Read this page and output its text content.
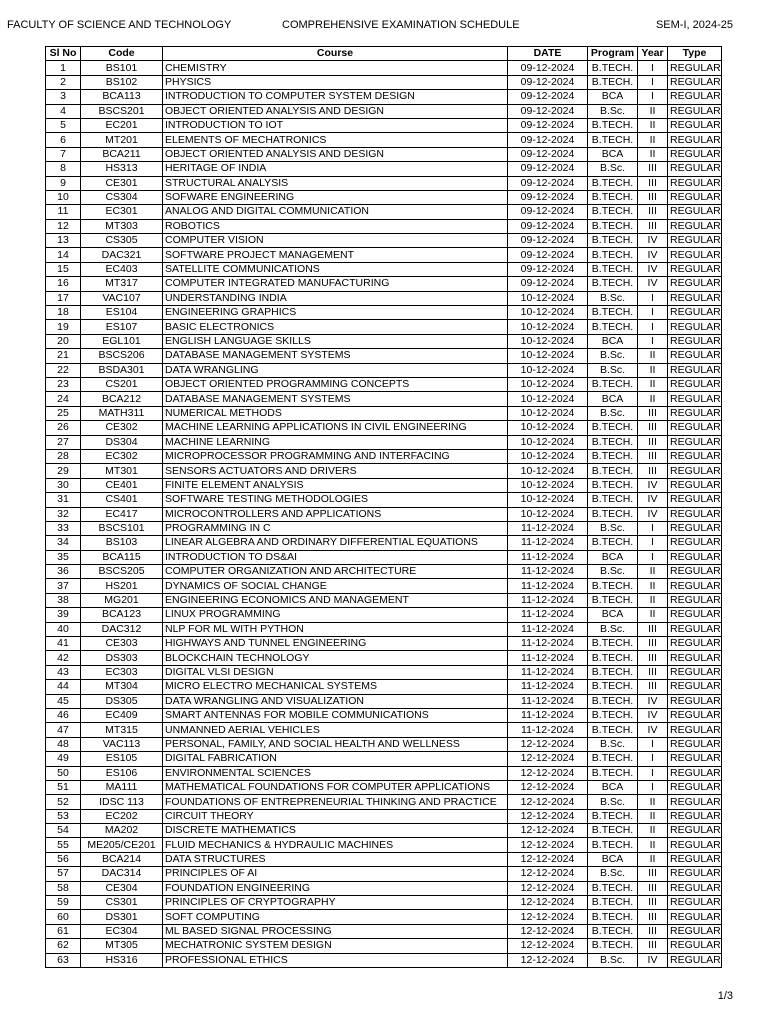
FACULTY OF SCIENCE AND TECHNOLOGY	COMPREHENSIVE EXAMINATION SCHEDULE	SEM-I, 2024-25
Sl No	Code	Course	DATE	Program	Year	Type
1	BS101	CHEMISTRY	09-12-2024	B.TECH.	I	REGULAR
2	BS102	PHYSICS	09-12-2024	B.TECH.	I	REGULAR
3	BCA113	INTRODUCTION TO COMPUTER SYSTEM DESIGN	09-12-2024	BCA	I	REGULAR
4	BSCS201	OBJECT ORIENTED ANALYSIS AND DESIGN	09-12-2024	B.Sc.	II	REGULAR
5	EC201	INTRODUCTION TO IOT	09-12-2024	B.TECH.	II	REGULAR
6	MT201	ELEMENTS OF MECHATRONICS	09-12-2024	B.TECH.	II	REGULAR
7	BCA211	OBJECT ORIENTED ANALYSIS AND DESIGN	09-12-2024	BCA	II	REGULAR
8	HS313	HERITAGE OF INDIA	09-12-2024	B.Sc.	III	REGULAR
9	CE301	STRUCTURAL ANALYSIS	09-12-2024	B.TECH.	III	REGULAR
10	CS304	SOFWARE ENGINEERING	09-12-2024	B.TECH.	III	REGULAR
11	EC301	ANALOG AND DIGITAL COMMUNICATION	09-12-2024	B.TECH.	III	REGULAR
12	MT303	ROBOTICS	09-12-2024	B.TECH.	III	REGULAR
13	CS305	COMPUTER VISION	09-12-2024	B.TECH.	IV	REGULAR
14	DAC321	SOFTWARE PROJECT MANAGEMENT	09-12-2024	B.TECH.	IV	REGULAR
15	EC403	SATELLITE COMMUNICATIONS	09-12-2024	B.TECH.	IV	REGULAR
16	MT317	COMPUTER INTEGRATED MANUFACTURING	09-12-2024	B.TECH.	IV	REGULAR
17	VAC107	UNDERSTANDING INDIA	10-12-2024	B.Sc.	I	REGULAR
18	ES104	ENGINEERING GRAPHICS	10-12-2024	B.TECH.	I	REGULAR
19	ES107	BASIC ELECTRONICS	10-12-2024	B.TECH.	I	REGULAR
20	EGL101	ENGLISH LANGUAGE SKILLS	10-12-2024	BCA	I	REGULAR
21	BSCS206	DATABASE MANAGEMENT SYSTEMS	10-12-2024	B.Sc.	II	REGULAR
22	BSDA301	DATA WRANGLING	10-12-2024	B.Sc.	II	REGULAR
23	CS201	OBJECT ORIENTED PROGRAMMING CONCEPTS	10-12-2024	B.TECH.	II	REGULAR
24	BCA212	DATABASE MANAGEMENT SYSTEMS	10-12-2024	BCA	II	REGULAR
25	MATH311	NUMERICAL METHODS	10-12-2024	B.Sc.	III	REGULAR
26	CE302	MACHINE LEARNING APPLICATIONS IN CIVIL ENGINEERING	10-12-2024	B.TECH.	III	REGULAR
27	DS304	MACHINE LEARNING	10-12-2024	B.TECH.	III	REGULAR
28	EC302	MICROPROCESSOR PROGRAMMING AND INTERFACING	10-12-2024	B.TECH.	III	REGULAR
29	MT301	SENSORS ACTUATORS AND DRIVERS	10-12-2024	B.TECH.	III	REGULAR
30	CE401	FINITE ELEMENT ANALYSIS	10-12-2024	B.TECH.	IV	REGULAR
31	CS401	SOFTWARE TESTING METHODOLOGIES	10-12-2024	B.TECH.	IV	REGULAR
32	EC417	MICROCONTROLLERS AND APPLICATIONS	10-12-2024	B.TECH.	IV	REGULAR
33	BSCS101	PROGRAMMING IN C	11-12-2024	B.Sc.	I	REGULAR
34	BS103	LINEAR ALGEBRA AND ORDINARY DIFFERENTIAL EQUATIONS	11-12-2024	B.TECH.	I	REGULAR
35	BCA115	INTRODUCTION TO DS&AI	11-12-2024	BCA	I	REGULAR
36	BSCS205	COMPUTER ORGANIZATION AND ARCHITECTURE	11-12-2024	B.Sc.	II	REGULAR
37	HS201	DYNAMICS OF SOCIAL CHANGE	11-12-2024	B.TECH.	II	REGULAR
38	MG201	ENGINEERING ECONOMICS AND MANAGEMENT	11-12-2024	B.TECH.	II	REGULAR
39	BCA123	LINUX PROGRAMMING	11-12-2024	BCA	II	REGULAR
40	DAC312	NLP FOR ML WITH PYTHON	11-12-2024	B.Sc.	III	REGULAR
41	CE303	HIGHWAYS AND TUNNEL ENGINEERING	11-12-2024	B.TECH.	III	REGULAR
42	DS303	BLOCKCHAIN TECHNOLOGY	11-12-2024	B.TECH.	III	REGULAR
43	EC303	DIGITAL VLSI DESIGN	11-12-2024	B.TECH.	III	REGULAR
44	MT304	MICRO ELECTRO MECHANICAL SYSTEMS	11-12-2024	B.TECH.	III	REGULAR
45	DS305	DATA WRANGLING AND VISUALIZATION	11-12-2024	B.TECH.	IV	REGULAR
46	EC409	SMART ANTENNAS FOR MOBILE COMMUNICATIONS	11-12-2024	B.TECH.	IV	REGULAR
47	MT315	UNMANNED AERIAL VEHICLES	11-12-2024	B.TECH.	IV	REGULAR
48	VAC113	PERSONAL, FAMILY, AND SOCIAL HEALTH AND WELLNESS	12-12-2024	B.Sc.	I	REGULAR
49	ES105	DIGITAL FABRICATION	12-12-2024	B.TECH.	I	REGULAR
50	ES106	ENVIRONMENTAL SCIENCES	12-12-2024	B.TECH.	I	REGULAR
51	MA111	MATHEMATICAL FOUNDATIONS FOR COMPUTER APPLICATIONS	12-12-2024	BCA	I	REGULAR
52	IDSC 113	FOUNDATIONS OF ENTREPRENEURIAL THINKING AND PRACTICE	12-12-2024	B.Sc.	II	REGULAR
53	EC202	CIRCUIT THEORY	12-12-2024	B.TECH.	II	REGULAR
54	MA202	DISCRETE MATHEMATICS	12-12-2024	B.TECH.	II	REGULAR
55	ME205/CE201	FLUID MECHANICS & HYDRAULIC MACHINES	12-12-2024	B.TECH.	II	REGULAR
56	BCA214	DATA STRUCTURES	12-12-2024	BCA	II	REGULAR
57	DAC314	PRINCIPLES OF AI	12-12-2024	B.Sc.	III	REGULAR
58	CE304	FOUNDATION ENGINEERING	12-12-2024	B.TECH.	III	REGULAR
59	CS301	PRINCIPLES OF CRYPTOGRAPHY	12-12-2024	B.TECH.	III	REGULAR
60	DS301	SOFT COMPUTING	12-12-2024	B.TECH.	III	REGULAR
61	EC304	ML BASED SIGNAL PROCESSING	12-12-2024	B.TECH.	III	REGULAR
62	MT305	MECHATRONIC SYSTEM DESIGN	12-12-2024	B.TECH.	III	REGULAR
63	HS316	PROFESSIONAL ETHICS	12-12-2024	B.Sc.	IV	REGULAR
1/3
